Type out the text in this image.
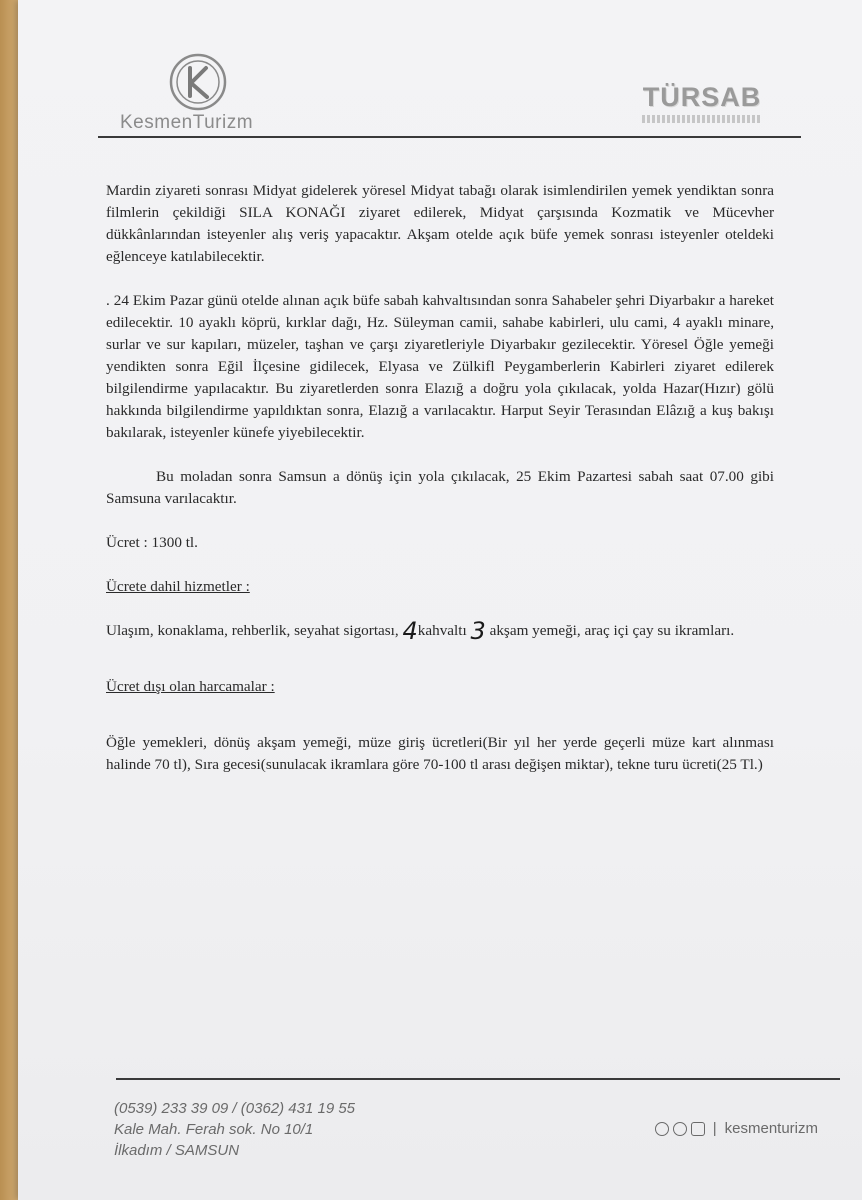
KesmenTurizm
TÜRSAB

Mardin ziyareti sonrası Midyat gidelerek yöresel Midyat tabağı olarak isimlendirilen yemek yendiktan sonra filmlerin çekildiği SILA KONAĞI ziyaret edilerek, Midyat çarşısında Kozmatik ve Mücevher dükkânlarından isteyenler alış veriş yapacaktır. Akşam otelde açık büfe yemek sonrası isteyenler oteldeki eğlenceye katılabilecektir.

. 24 Ekim Pazar günü otelde alınan açık büfe sabah kahvaltısından sonra Sahabeler şehri Diyarbakır a hareket edilecektir. 10 ayaklı köprü, kırklar dağı, Hz. Süleyman camii, sahabe kabirleri, ulu cami, 4 ayaklı minare, surlar ve sur kapıları, müzeler, taşhan ve çarşı ziyaretleriyle Diyarbakır gezilecektir. Yöresel Öğle yemeği yendikten sonra Eğil İlçesine gidilecek, Elyasa ve Zülkifl Peygamberlerin Kabirleri ziyaret edilerek bilgilendirme yapılacaktır. Bu ziyaretlerden sonra Elazığ a doğru yola çıkılacak, yolda Hazar(Hızır) gölü hakkında bilgilendirme yapıldıktan sonra, Elazığ a varılacaktır. Harput Seyir Terasından Elâzığ a kuş bakışı bakılarak, isteyenler künefe yiyebilecektir.

Bu moladan sonra Samsun a dönüş için yola çıkılacak, 25 Ekim Pazartesi sabah saat 07.00 gibi Samsuna varılacaktır.

Ücret : 1300 tl.

Ücrete dahil hizmetler :

Ulaşım, konaklama, rehberlik, seyahat sigortası, 4kahvaltı 3 akşam yemeği, araç içi çay su ikramları.

Ücret dışı olan harcamalar :

Öğle yemekleri, dönüş akşam yemeği, müze giriş ücretleri(Bir yıl her yerde geçerli müze kart alınması halinde 70 tl), Sıra gecesi(sunulacak ikramlara göre 70-100 tl arası değişen miktar), tekne turu ücreti(25 Tl.)

(0539) 233 39 09 / (0362) 431 19 55
Kale Mah. Ferah sok. No 10/1
İlkadım / SAMSUN
| kesmenturizm
